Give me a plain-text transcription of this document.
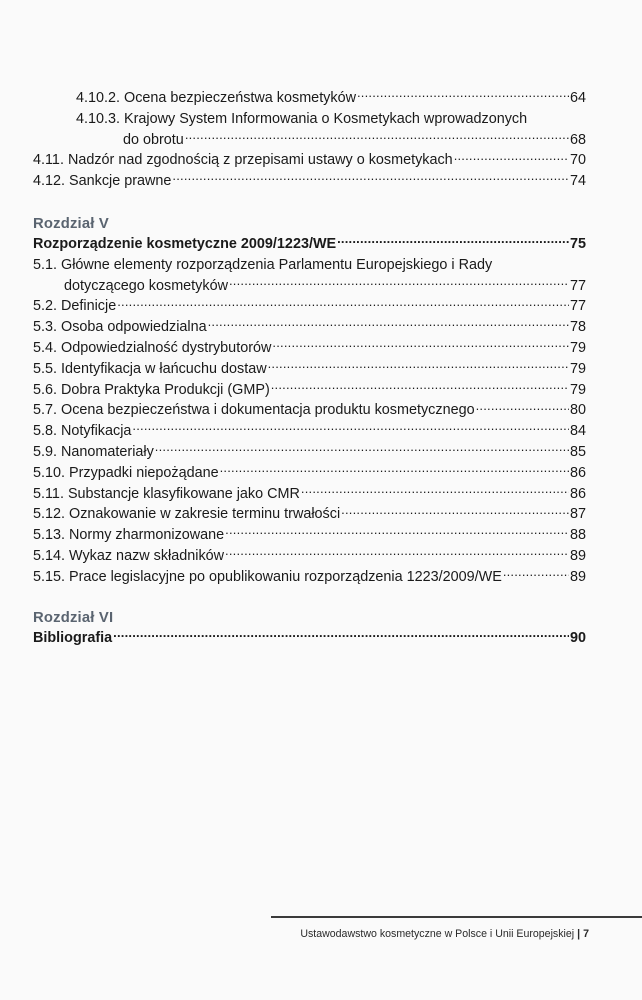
4.10.2. Ocena bezpieczeństwa kosmetyków .....	64
4.10.3. Krajowy System Informowania o Kosmetykach wprowadzonych
do obrotu .....	68
4.11. Nadzór nad zgodnością z przepisami ustawy o kosmetykach .....	70
4.12. Sankcje prawne .....	74
Rozdział V
Rozporządzenie kosmetyczne 2009/1223/WE .....	75
5.1. Główne elementy rozporządzenia Parlamentu Europejskiego i Rady
dotyczącego kosmetyków .....	77
5.2. Definicje .....	77
5.3. Osoba odpowiedzialna .....	78
5.4. Odpowiedzialność dystrybutorów .....	79
5.5. Identyfikacja w łańcuchu dostaw .....	79
5.6. Dobra Praktyka Produkcji (GMP) .....	79
5.7. Ocena bezpieczeństwa i dokumentacja produktu kosmetycznego .....	80
5.8. Notyfikacja .....	84
5.9. Nanomateriały .....	85
5.10. Przypadki niepożądane .....	86
5.11. Substancje klasyfikowane jako CMR .....	86
5.12. Oznakowanie w zakresie terminu trwałości .....	87
5.13. Normy zharmonizowane .....	88
5.14. Wykaz nazw składników .....	89
5.15. Prace legislacyjne po opublikowaniu rozporządzenia 1223/2009/WE .....	89
Rozdział VI
Bibliografia .....	90
Ustawodawstwo kosmetyczne w Polsce i Unii Europejskiej | 7
